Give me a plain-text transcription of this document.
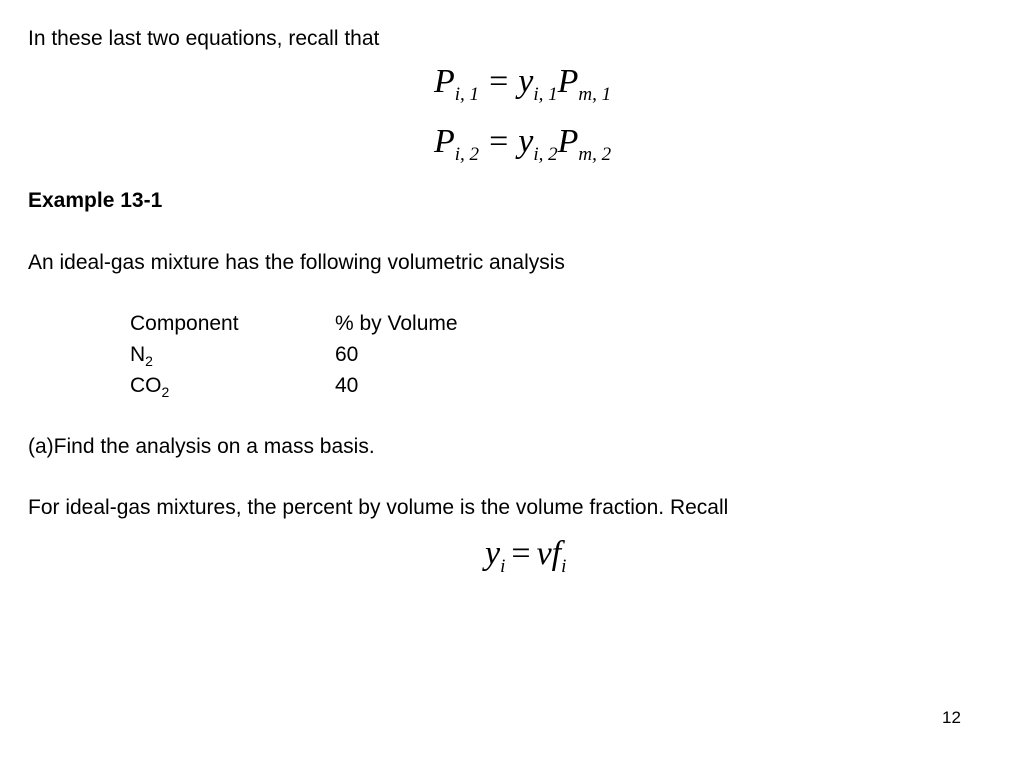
In these last two equations, recall that
$P_{i, 1} = y_{i, 1}P_{m, 1}$
$P_{i, 2} = y_{i, 2}P_{m, 2}$
Example 13-1
An ideal-gas mixture has the following volumetric analysis
Component	% by Volume
$N_2$	60
$CO_2$	40
(a)Find the analysis on a mass basis.
For ideal-gas mixtures, the percent by volume is the volume fraction. Recall
$y_i = vf_i$
12
